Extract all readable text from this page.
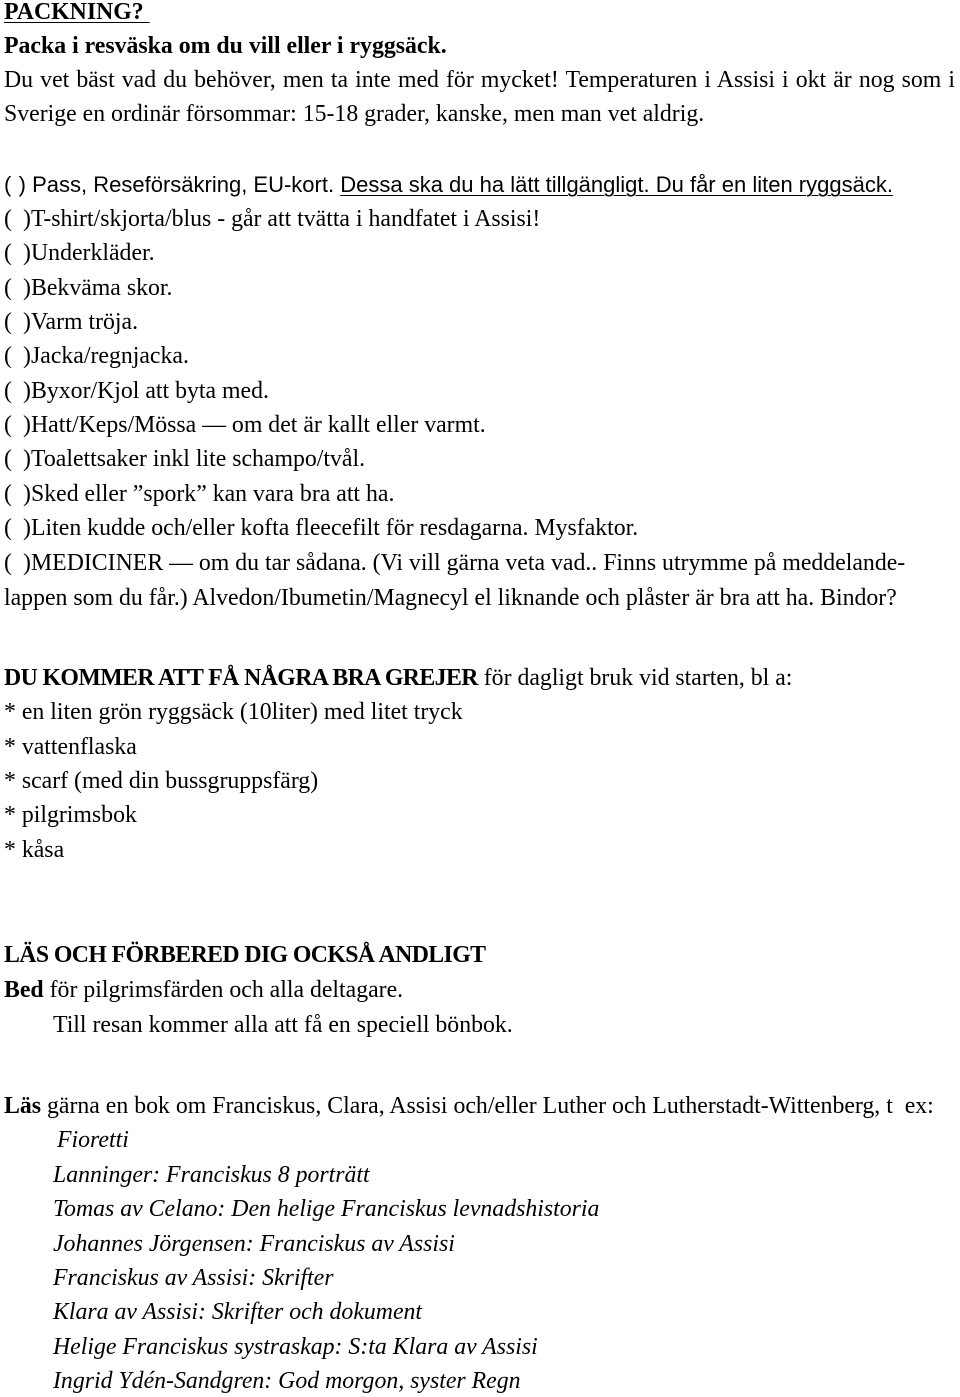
PACKNING?
Packa i resväska om du vill eller i ryggsäck.
Du vet bäst vad du behöver, men ta inte med för mycket! Temperaturen i Assisi i okt är nog som i
Sverige en ordinär försommar: 15-18 grader, kanske, men man vet aldrig.
( ) Pass, Reseförsäkring, EU-kort. Dessa ska du ha lätt tillgängligt. Du får en liten ryggsäck.
( )T-shirt/skjorta/blus - går att tvätta i handfatet i Assisi!
( )Underkläder.
( )Bekväma skor.
( )Varm tröja.
( )Jacka/regnjacka.
( )Byxor/Kjol att byta med.
( )Hatt/Keps/Mössa — om det är kallt eller varmt.
( )Toalettsaker inkl lite schampo/tvål.
( )Sked eller ”spork” kan vara bra att ha.
( )Liten kudde och/eller kofta fleecefilt för resdagarna. Mysfaktor.
( )MEDICINER — om du tar sådana. (Vi vill gärna veta vad.. Finns utrymme på meddelande-
lappen som du får.) Alvedon/Ibumetin/Magnecyl el liknande och plåster är bra att ha. Bindor?
DU KOMMER ATT FÅ NÅGRA BRA GREJER för dagligt bruk vid starten, bl a:
* en liten grön ryggsäck (10liter) med litet tryck
* vattenflaska
* scarf (med din bussgruppsfärg)
* pilgrimsbok
* kåsa
LÄS OCH FÖRBERED DIG OCKSÅ ANDLIGT
Bed för pilgrimsfärden och alla deltagare.
Till resan kommer alla att få en speciell bönbok.
Läs gärna en bok om Franciskus, Clara, Assisi och/eller Luther och Lutherstadt-Wittenberg, t  ex:
Fioretti
Lanninger: Franciskus 8 porträtt
Tomas av Celano: Den helige Franciskus levnadshistoria
Johannes Jörgensen: Franciskus av Assisi
Franciskus av Assisi: Skrifter
Klara av Assisi: Skrifter och dokument
Helige Franciskus systraskap: S:ta Klara av Assisi
Ingrid Ydén-Sandgren: God morgon, syster Regn
